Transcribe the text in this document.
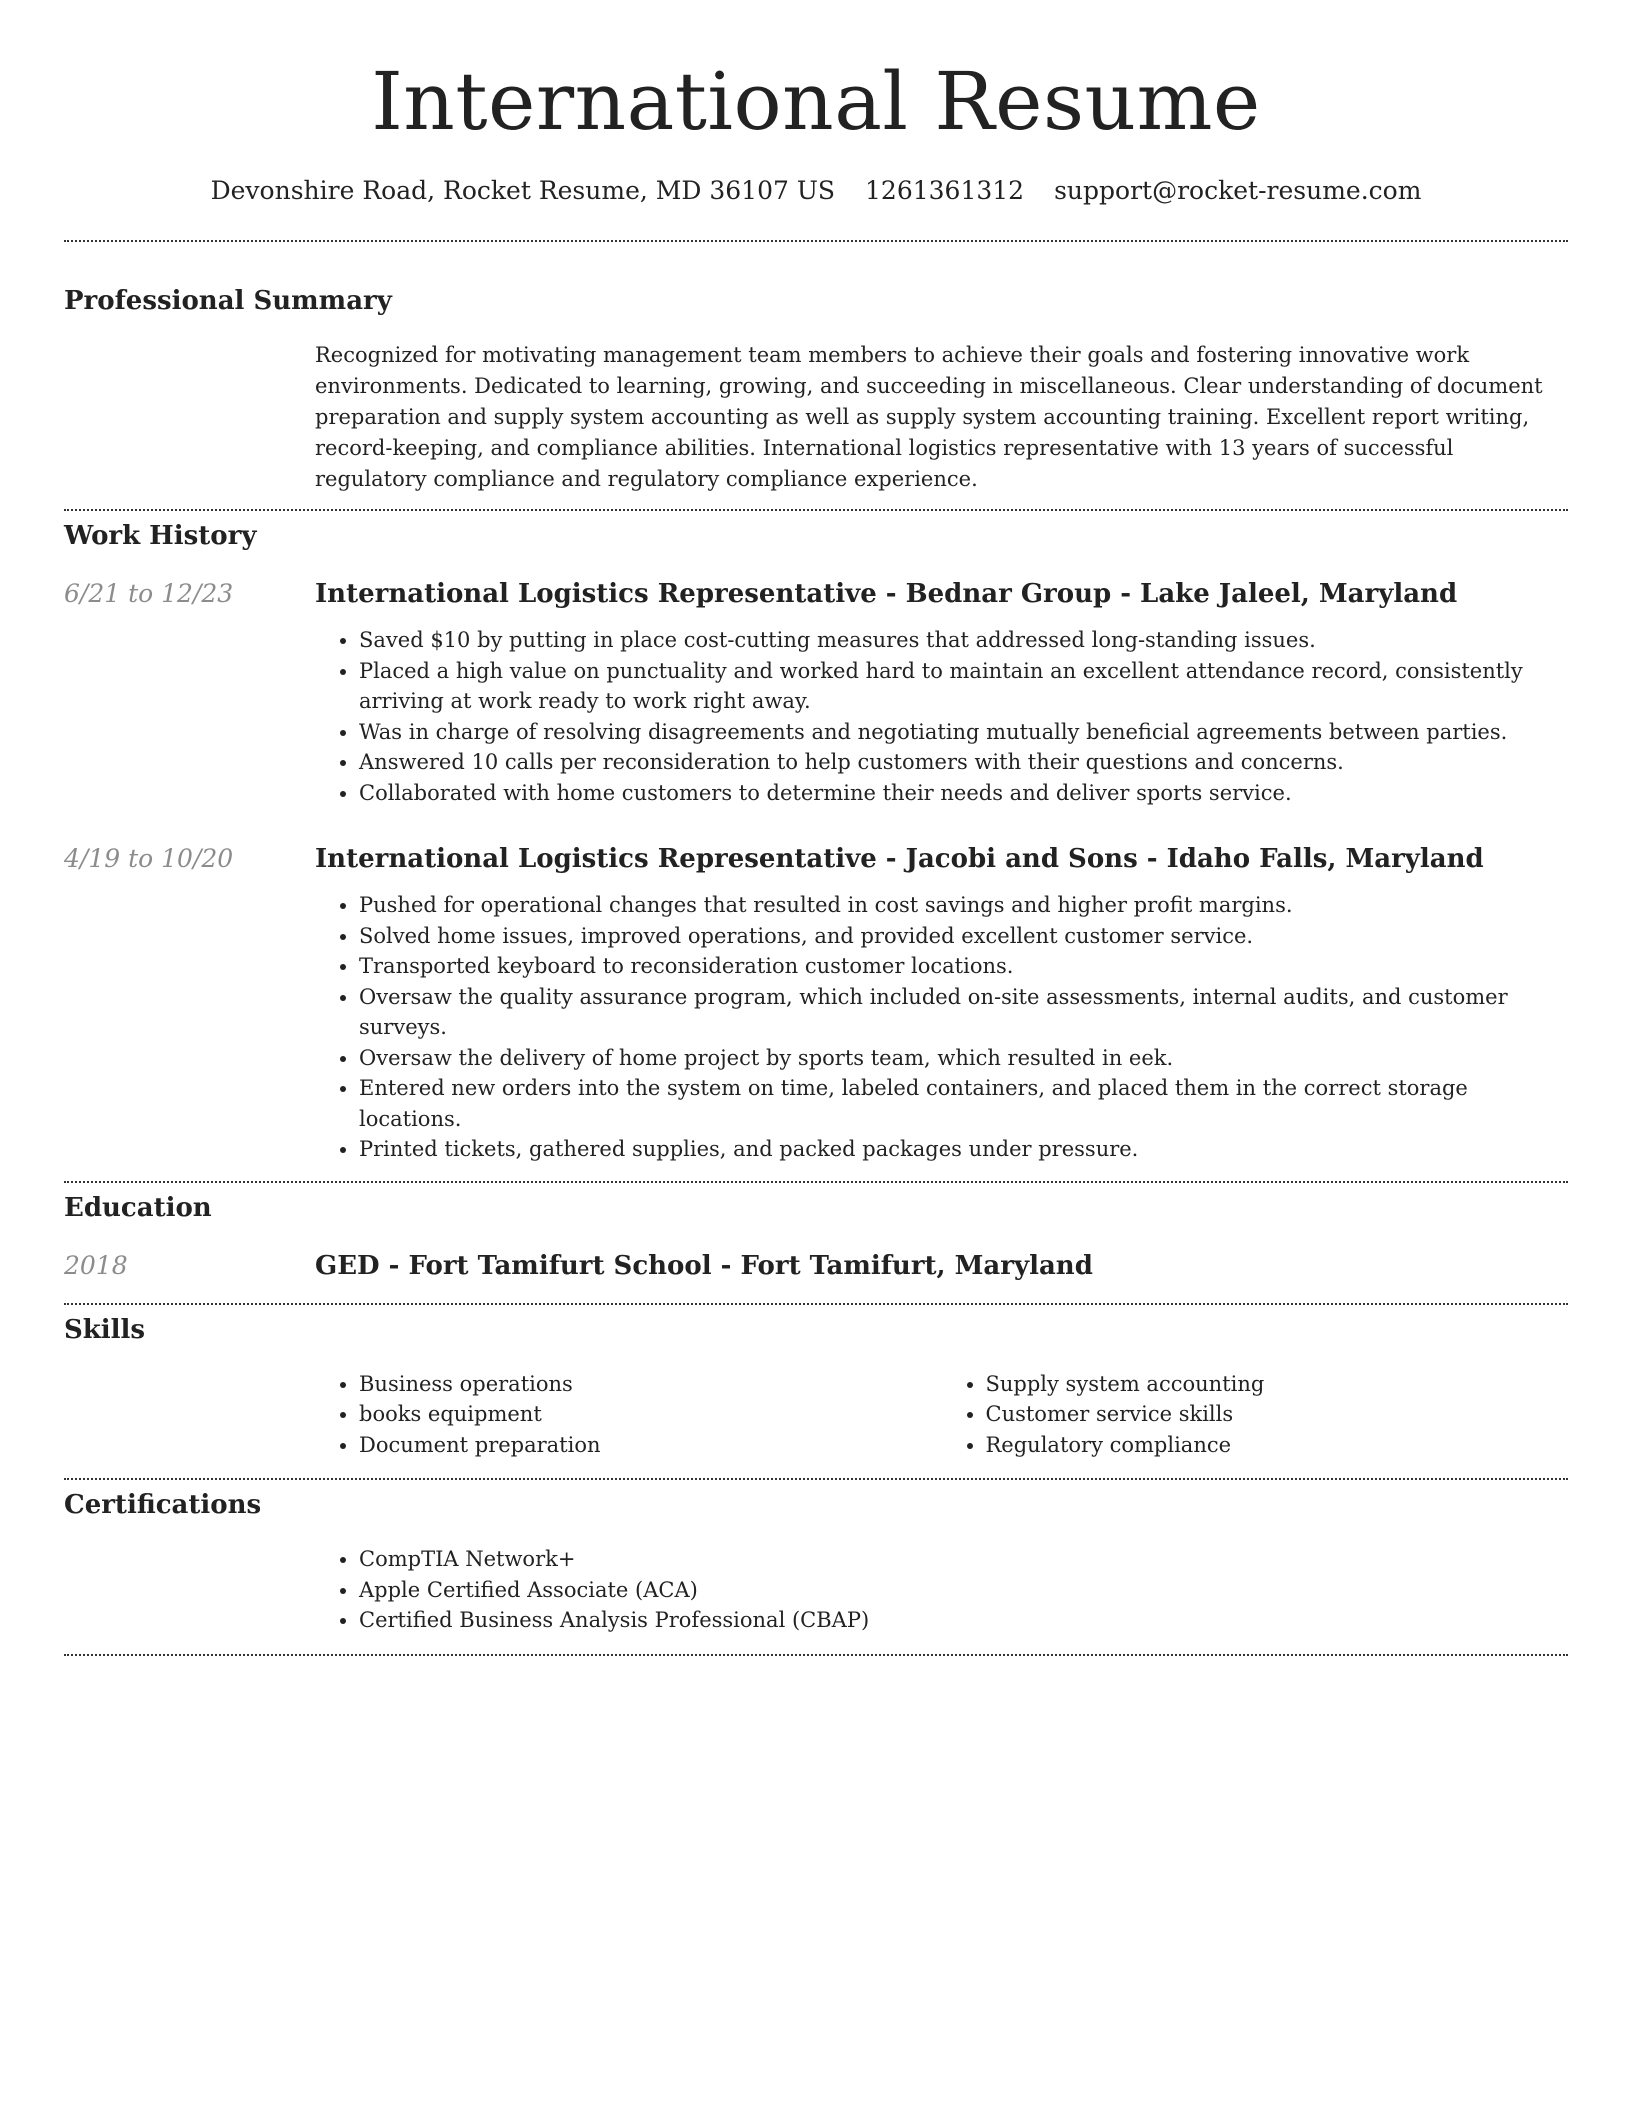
International Resume
Devonshire Road, Rocket Resume, MD 36107 US 1261361312 support@rocket-resume.com
Professional Summary

Recognized for motivating management team members to achieve their goals and fostering innovative work environments. Dedicated to learning, growing, and succeeding in miscellaneous. Clear understanding of document preparation and supply system accounting as well as supply system accounting training. Excellent report writing, record-keeping, and compliance abilities. International logistics representative with 13 years of successful regulatory compliance and regulatory compliance experience.

Work History
6/21 to 12/23	International Logistics Representative - Bednar Group - Lake Jaleel, Maryland
• Saved $10 by putting in place cost-cutting measures that addressed long-standing issues.
• Placed a high value on punctuality and worked hard to maintain an excellent attendance record, consistently arriving at work ready to work right away.
• Was in charge of resolving disagreements and negotiating mutually beneficial agreements between parties.
• Answered 10 calls per reconsideration to help customers with their questions and concerns.
• Collaborated with home customers to determine their needs and deliver sports service.
4/19 to 10/20	International Logistics Representative - Jacobi and Sons - Idaho Falls, Maryland
• Pushed for operational changes that resulted in cost savings and higher profit margins.
• Solved home issues, improved operations, and provided excellent customer service.
• Transported keyboard to reconsideration customer locations.
• Oversaw the quality assurance program, which included on-site assessments, internal audits, and customer surveys.
• Oversaw the delivery of home project by sports team, which resulted in eek.
• Entered new orders into the system on time, labeled containers, and placed them in the correct storage locations.
• Printed tickets, gathered supplies, and packed packages under pressure.
Education
2018	GED - Fort Tamifurt School - Fort Tamifurt, Maryland
Skills
• Business operations
• books equipment
• Document preparation
• Supply system accounting
• Customer service skills
• Regulatory compliance
Certifications
• CompTIA Network+
• Apple Certified Associate (ACA)
• Certified Business Analysis Professional (CBAP)
